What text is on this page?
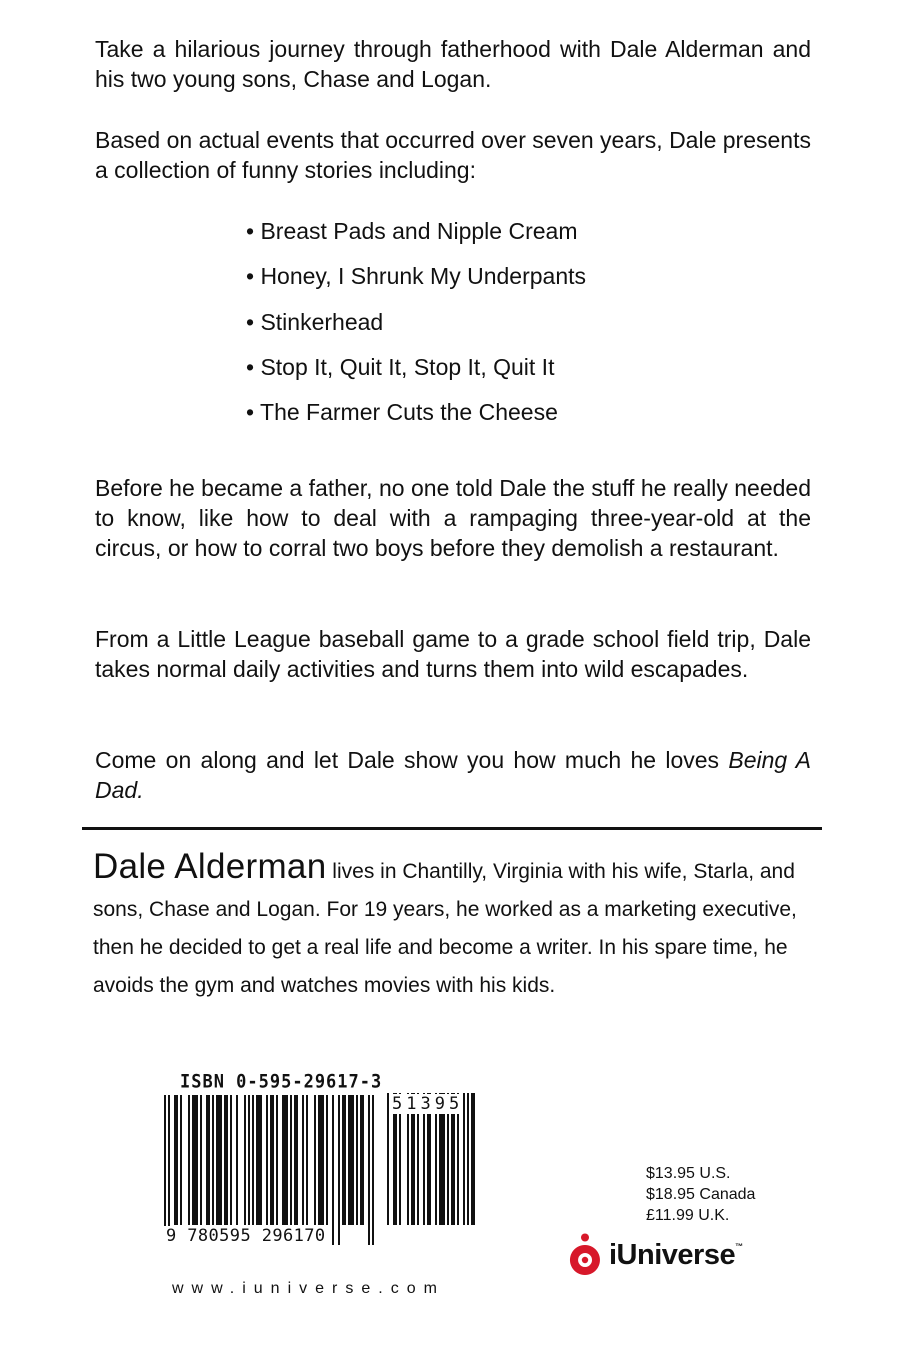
Take a hilarious journey through fatherhood with Dale Alderman and his two young sons, Chase and Logan.

Based on actual events that occurred over seven years, Dale presents a collection of funny stories including:

• Breast Pads and Nipple Cream
• Honey, I Shrunk My Underpants
• Stinkerhead
• Stop It, Quit It, Stop It, Quit It
• The Farmer Cuts the Cheese

Before he became a father, no one told Dale the stuff he really needed to know, like how to deal with a rampaging three-year-old at the circus, or how to corral two boys before they demolish a restaurant.

From a Little League baseball game to a grade school field trip, Dale takes normal daily activities and turns them into wild escapades.

Come on along and let Dale show you how much he loves Being A Dad.

Dale Alderman lives in Chantilly, Virginia with his wife, Starla, and sons, Chase and Logan. For 19 years, he worked as a marketing executive, then he decided to get a real life and become a writer. In his spare time, he avoids the gym and watches movies with his kids.

ISBN 0-595-29617-3
9 780595 296170
51395
$13.95 U.S.
$18.95 Canada
£11.99 U.K.
iUniverse ™
www.iuniverse.com
